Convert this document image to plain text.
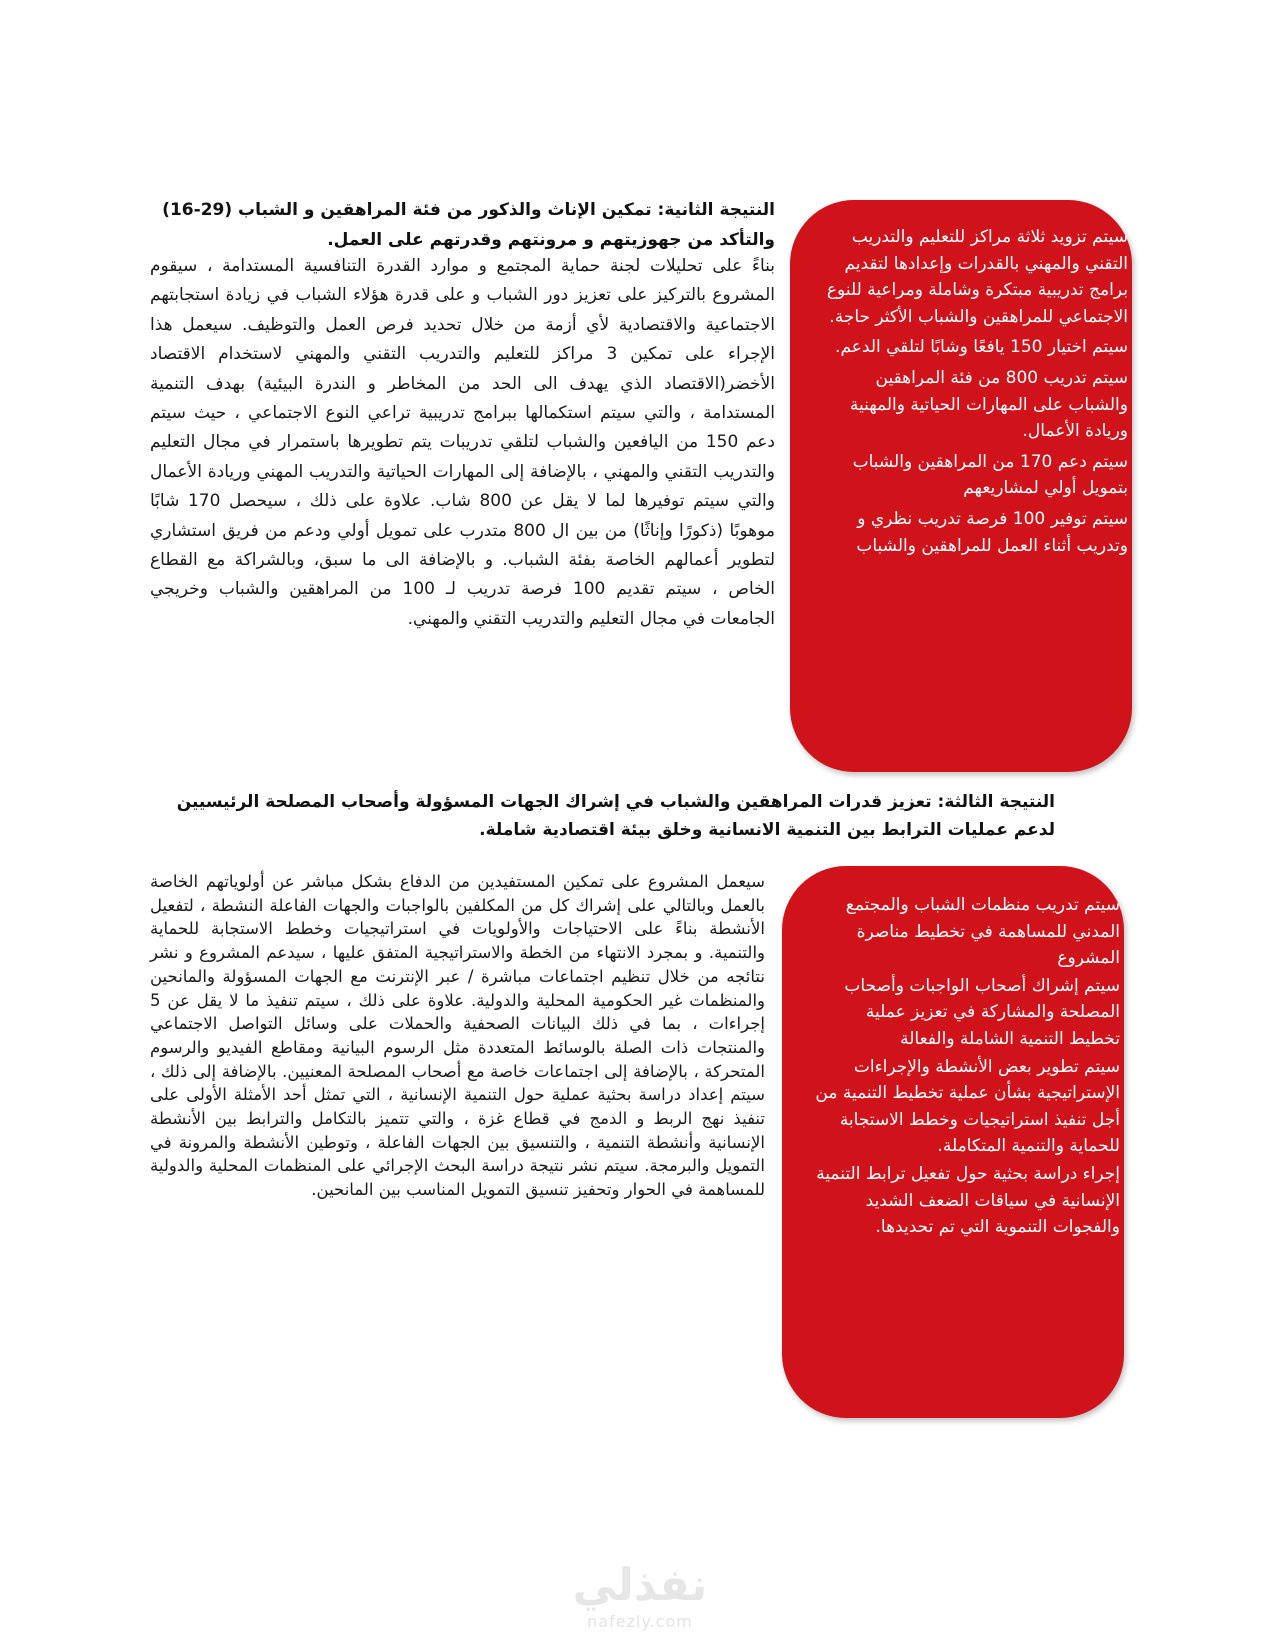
النتيجة الثانية: تمكين الإناث والذكور من فئة المراهقين و الشباب (29-16) والتأكد من جهوزيتهم و مرونتهم وقدرتهم على العمل.
بناءً على تحليلات لجنة حماية المجتمع و موارد القدرة التنافسية المستدامة ، سيقوم المشروع بالتركيز على تعزيز دور الشباب و على قدرة هؤلاء الشباب في زيادة استجابتهم الاجتماعية والاقتصادية لأي أزمة من خلال تحديد فرص العمل والتوظيف. سيعمل هذا الإجراء على تمكين 3 مراكز للتعليم والتدريب التقني والمهني لاستخدام الاقتصاد الأخضر(الاقتصاد الذي يهدف الى الحد من المخاطر و الندرة البيئية) بهدف التنمية المستدامة ، والتي سيتم استكمالها ببرامج تدريبية تراعي النوع الاجتماعي ، حيث سيتم دعم 150 من اليافعين والشباب لتلقي تدريبات يتم تطويرها باستمرار في مجال التعليم والتدريب التقني والمهني ، بالإضافة إلى المهارات الحياتية والتدريب المهني وريادة الأعمال والتي سيتم توفيرها لما لا يقل عن 800 شاب. علاوة على ذلك ، سيحصل 170 شابًا موهوبًا (ذكورًا وإناثًا) من بين ال 800 متدرب على تمويل أولي ودعم من فريق استشاري لتطوير أعمالهم الخاصة بفئة الشباب. و بالإضافة الى ما سبق، وبالشراكة مع القطاع الخاص ، سيتم تقديم 100 فرصة تدريب لـ 100 من المراهقين والشباب وخريجي الجامعات في مجال التعليم والتدريب التقني والمهني.
❖
سيتم تزويد ثلاثة مراكز للتعليم والتدريب التقني والمهني بالقدرات وإعدادها لتقديم برامج تدريبية مبتكرة وشاملة ومراعية للنوع الاجتماعي للمراهقين والشباب الأكثر حاجة.
❖
سيتم اختيار 150 يافعًا وشابًا لتلقي الدعم.
❖
سيتم تدريب 800 من فئة المراهقين والشباب على المهارات الحياتية والمهنية وريادة الأعمال.
❖
سيتم دعم 170 من المراهقين والشباب بتمويل أولي لمشاريعهم
❖
سيتم توفير 100 فرصة تدريب نظري و وتدريب أثناء العمل للمراهقين والشباب
النتيجة الثالثة: تعزيز قدرات المراهقين والشباب في إشراك الجهات المسؤولة وأصحاب المصلحة الرئيسيين لدعم عمليات الترابط بين التنمية الانسانية وخلق بيئة اقتصادية شاملة.
سيعمل المشروع على تمكين المستفيدين من الدفاع بشكل مباشر عن أولوياتهم الخاصة بالعمل وبالتالي على إشراك كل من المكلفين بالواجبات والجهات الفاعلة النشطة ، لتفعيل الأنشطة بناءً على الاحتياجات والأولويات في استراتيجيات وخطط الاستجابة للحماية والتنمية. و بمجرد الانتهاء من الخطة والاستراتيجية المتفق عليها ، سيدعم المشروع و نشر نتائجه من خلال تنظيم اجتماعات مباشرة / عبر الإنترنت مع الجهات المسؤولة والمانحين والمنظمات غير الحكومية المحلية والدولية. علاوة على ذلك ، سيتم تنفيذ ما لا يقل عن 5 إجراءات ، بما في ذلك البيانات الصحفية والحملات على وسائل التواصل الاجتماعي والمنتجات ذات الصلة بالوسائط المتعددة مثل الرسوم البيانية ومقاطع الفيديو والرسوم المتحركة ، بالإضافة إلى اجتماعات خاصة مع أصحاب المصلحة المعنيين. بالإضافة إلى ذلك ، سيتم إعداد دراسة بحثية عملية حول التنمية الإنسانية ، التي تمثل أحد الأمثلة الأولى على تنفيذ نهج الربط و الدمج في قطاع غزة ، والتي تتميز بالتكامل والترابط بين الأنشطة الإنسانية وأنشطة التنمية ، والتنسيق بين الجهات الفاعلة ، وتوطين الأنشطة والمرونة في التمويل والبرمجة. سيتم نشر نتيجة دراسة البحث الإجرائي على المنظمات المحلية والدولية للمساهمة في الحوار وتحفيز تنسيق التمويل المناسب بين المانحين.
❖
سيتم تدريب منظمات الشباب والمجتمع المدني للمساهمة في تخطيط مناصرة المشروع
❖
سيتم إشراك أصحاب الواجبات وأصحاب المصلحة والمشاركة في تعزيز عملية تخطيط التنمية الشاملة والفعالة
❖
سيتم تطوير بعض الأنشطة والإجراءات الإستراتيجية بشأن عملية تخطيط التنمية من أجل تنفيذ استراتيجيات وخطط الاستجابة للحماية والتنمية المتكاملة.
❖
إجراء دراسة بحثية حول تفعيل ترابط التنمية الإنسانية في سياقات الضعف الشديد والفجوات التنموية التي تم تحديدها.
نفذلي
nafezly.com
